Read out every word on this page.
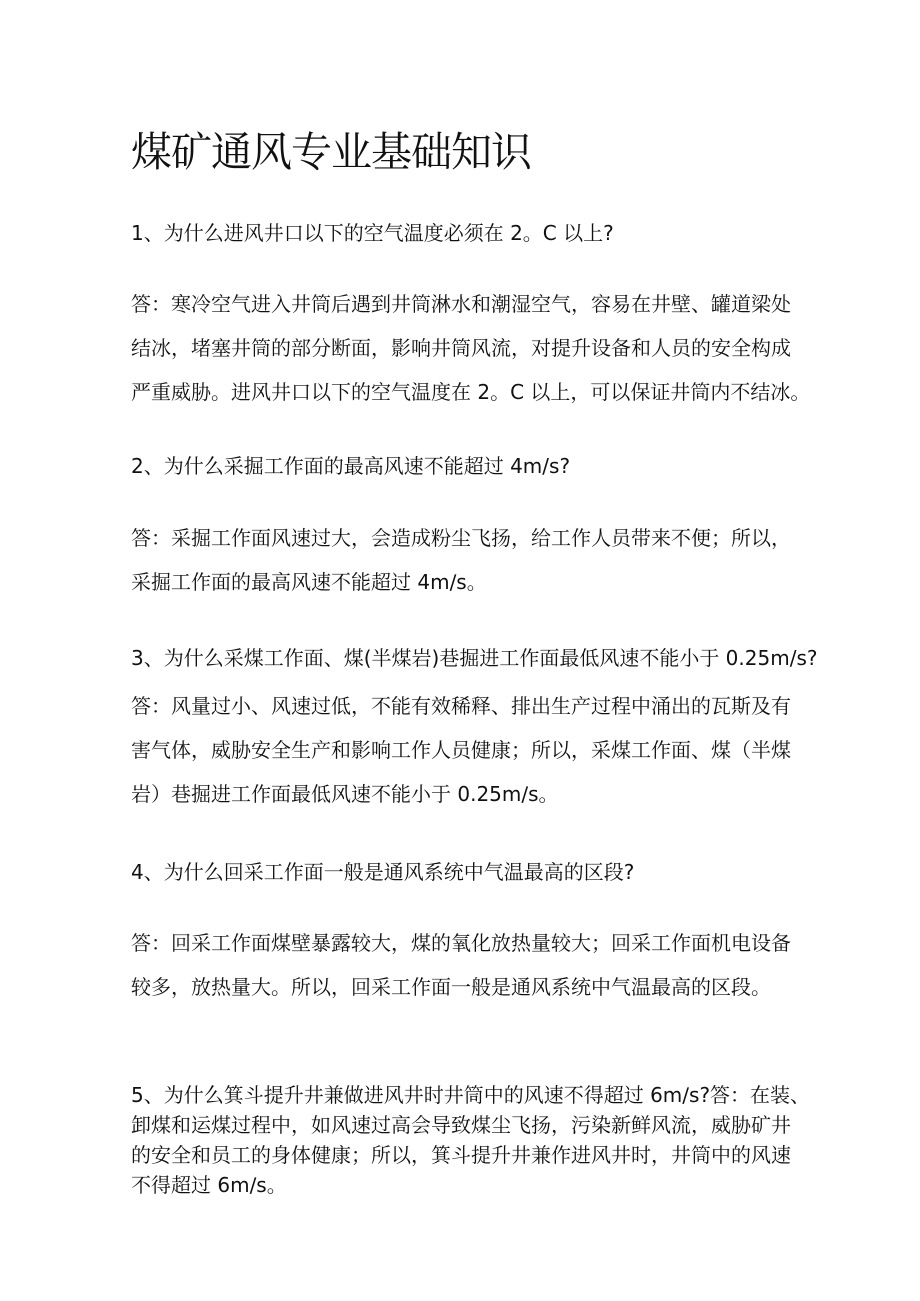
煤矿通风专业基础知识
1、为什么进风井口以下的空气温度必须在 2。C 以上?
答：寒冷空气进入井筒后遇到井筒淋水和潮湿空气，容易在井壁、罐道梁处
结冰，堵塞井筒的部分断面，影响井筒风流，对提升设备和人员的安全构成
严重威胁。进风井口以下的空气温度在 2。C 以上，可以保证井筒内不结冰。
2、为什么采掘工作面的最高风速不能超过 4m/s?
答：采掘工作面风速过大，会造成粉尘飞扬，给工作人员带来不便；所以，
采掘工作面的最高风速不能超过 4m∕s。
3、为什么采煤工作面、煤(半煤岩)巷掘进工作面最低风速不能小于 0.25m/s?
答：风量过小、风速过低，不能有效稀释、排出生产过程中涌出的瓦斯及有
害气体，威胁安全生产和影响工作人员健康；所以，采煤工作面、煤（半煤
岩）巷掘进工作面最低风速不能小于 0.25m∕s。
4、为什么回采工作面一般是通风系统中气温最高的区段?
答：回采工作面煤壁暴露较大，煤的氧化放热量较大；回采工作面机电设备
较多，放热量大。所以，回采工作面一般是通风系统中气温最高的区段。
5、为什么箕斗提升井兼做进风井时井筒中的风速不得超过 6m∕s?答：在装、
卸煤和运煤过程中，如风速过高会导致煤尘飞扬，污染新鲜风流，威胁矿井
的安全和员工的身体健康；所以，箕斗提升井兼作进风井时，井筒中的风速
不得超过 6m∕s。
